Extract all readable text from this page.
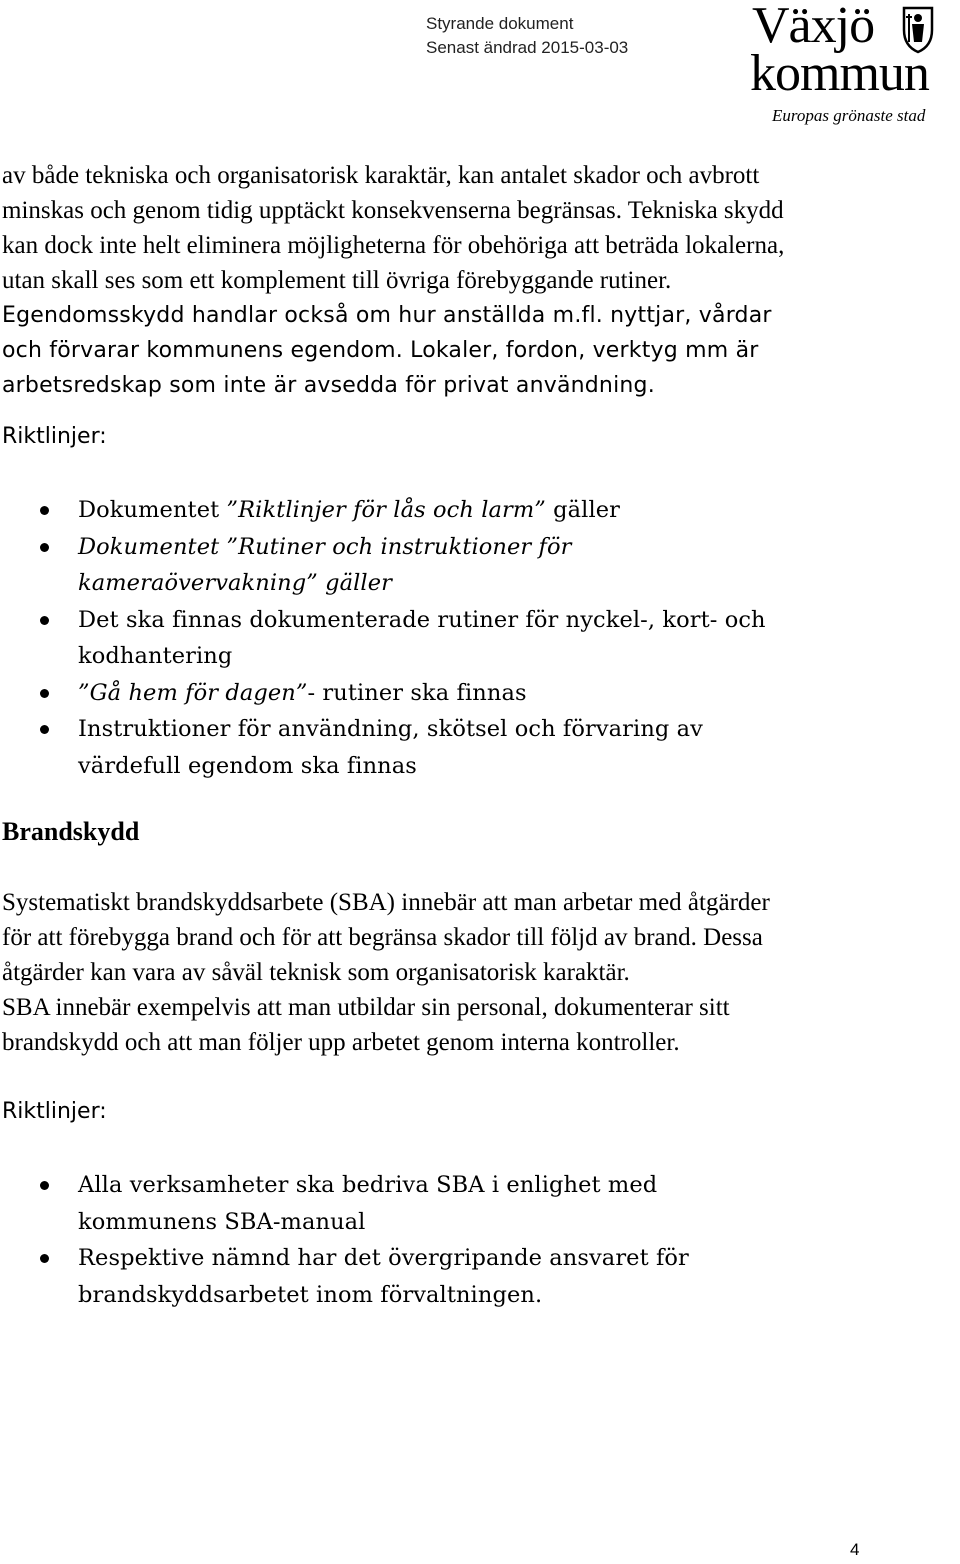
Styrande dokument
Senast ändrad 2015-03-03 Växjö
kommun
Europas grönaste stad

av både tekniska och organisatorisk karaktär, kan antalet skador och avbrott minskas och genom tidig upptäckt konsekvenserna begränsas. Tekniska skydd kan dock inte helt eliminera möjligheterna för obehöriga att beträda lokalerna, utan skall ses som ett komplement till övriga förebyggande rutiner.

Egendomsskydd handlar också om hur anställda m.fl. nyttjar, vårdar och förvarar kommunens egendom. Lokaler, fordon, verktyg mm är arbetsredskap som inte är avsedda för privat användning.

Riktlinjer:

Dokumentet ”Riktlinjer för lås och larm” gäller
Dokumentet ”Rutiner och instruktioner för kameraövervakning” gäller
Det ska finnas dokumenterade rutiner för nyckel-, kort- och kodhantering
”Gå hem för dagen”- rutiner ska finnas
Instruktioner för användning, skötsel och förvaring av värdefull egendom ska finnas

Brandskydd

Systematiskt brandskyddsarbete (SBA) innebär att man arbetar med åtgärder för att förebygga brand och för att begränsa skador till följd av brand. Dessa åtgärder kan vara av såväl teknisk som organisatorisk karaktär.

SBA innebär exempelvis att man utbildar sin personal, dokumenterar sitt brandskydd och att man följer upp arbetet genom interna kontroller.

Riktlinjer:

Alla verksamheter ska bedriva SBA i enlighet med kommunens SBA-manual
Respektive nämnd har det övergripande ansvaret för brandskyddsarbetet inom förvaltningen.
4
